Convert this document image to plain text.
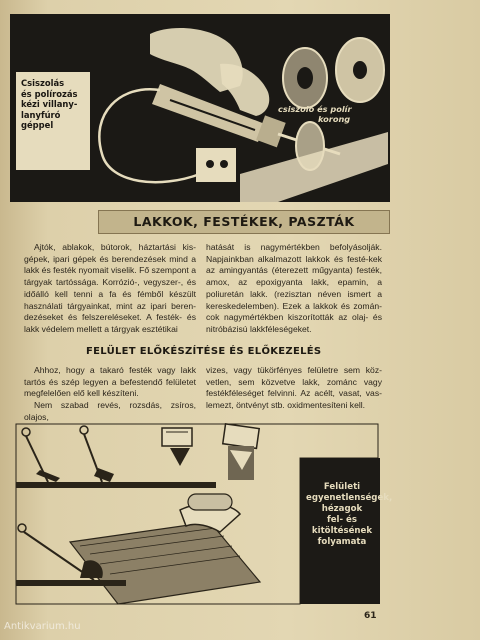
csiszoló és polír
korong
Csiszolás
és polírozás
kézi villany-
lanyfúró
géppel
LAKKOK, FESTÉKEK, PASZTÁK

Ajtók, ablakok, bútorok, háztartási kis-gépek, ipari gépek és berendezések mind a lakk és festék nyomait viselik. Fő szempont a tárgyak tartóssága. Korrózió-, vegyszer-, és időálló kell tenni a fa és fémből készült használati tárgyainkat, mint az ipari beren-dezéseket és felszereléseket. A festék- és lakk védelem mellett a tárgyak esztétikai

hatását is nagymértékben befolyásolják. Napjainkban alkalmazott lakkok és festé-kek az amingyantás (éterezett műgyanta) festék, amox, az epoxigyanta lakk, epamin, a poliuretán lakk. (rezisztan néven ismert a kereskedelemben). Ezek a lakkok és zomán-cok nagymértékben kiszorították az olaj- és nitróbázisú lakkféleségeket.

FELÜLET ELŐKÉSZÍTÉSE ÉS ELŐKEZELÉS

Ahhoz, hogy a takaró festék vagy lakk tartós és szép legyen a befestendő felületet megfelelően elő kell készíteni.

Nem szabad revés, rozsdás, zsíros, olajos,

vizes, vagy tükörfényes felületre sem köz-vetlen, sem közvetve lakk, zománc vagy festékféleséget felvinni. Az acélt, vasat, vas-lemezt, öntvényt stb. oxidmentesíteni kell.

Felületi
egyenetlenségek,
hézagok
fel- és
kitöltésének
folyamata
61
Antikvarium.hu
